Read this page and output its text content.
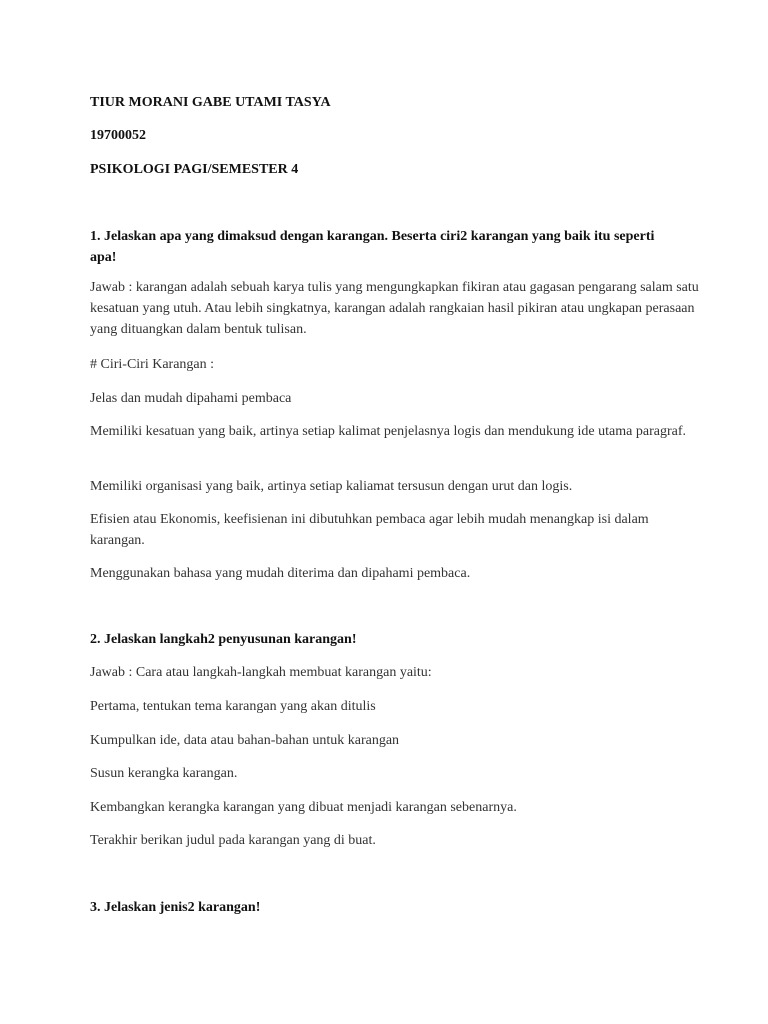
TIUR MORANI GABE UTAMI TASYA

19700052

PSIKOLOGI PAGI/SEMESTER 4

1. Jelaskan apa yang dimaksud dengan karangan. Beserta ciri2 karangan yang baik itu seperti apa!

Jawab : karangan adalah sebuah karya tulis yang mengungkapkan fikiran atau gagasan pengarang salam satu kesatuan yang utuh. Atau lebih singkatnya, karangan adalah rangkaian hasil pikiran atau ungkapan perasaan yang dituangkan dalam bentuk tulisan.

# Ciri-Ciri Karangan :

Jelas dan mudah dipahami pembaca

Memiliki kesatuan yang baik, artinya setiap kalimat penjelasnya logis dan mendukung ide utama paragraf.

Memiliki organisasi yang baik, artinya setiap kaliamat tersusun dengan urut dan logis.

Efisien atau Ekonomis, keefisienan ini dibutuhkan pembaca agar lebih mudah menangkap isi dalam karangan.

Menggunakan bahasa yang mudah diterima dan dipahami pembaca.

2. Jelaskan langkah2 penyusunan karangan!

Jawab : Cara atau langkah-langkah membuat karangan yaitu:

Pertama, tentukan tema karangan yang akan ditulis

Kumpulkan ide, data atau bahan-bahan untuk karangan

Susun kerangka karangan.

Kembangkan kerangka karangan yang dibuat menjadi karangan sebenarnya.

Terakhir berikan judul pada karangan yang di buat.

3. Jelaskan jenis2 karangan!
